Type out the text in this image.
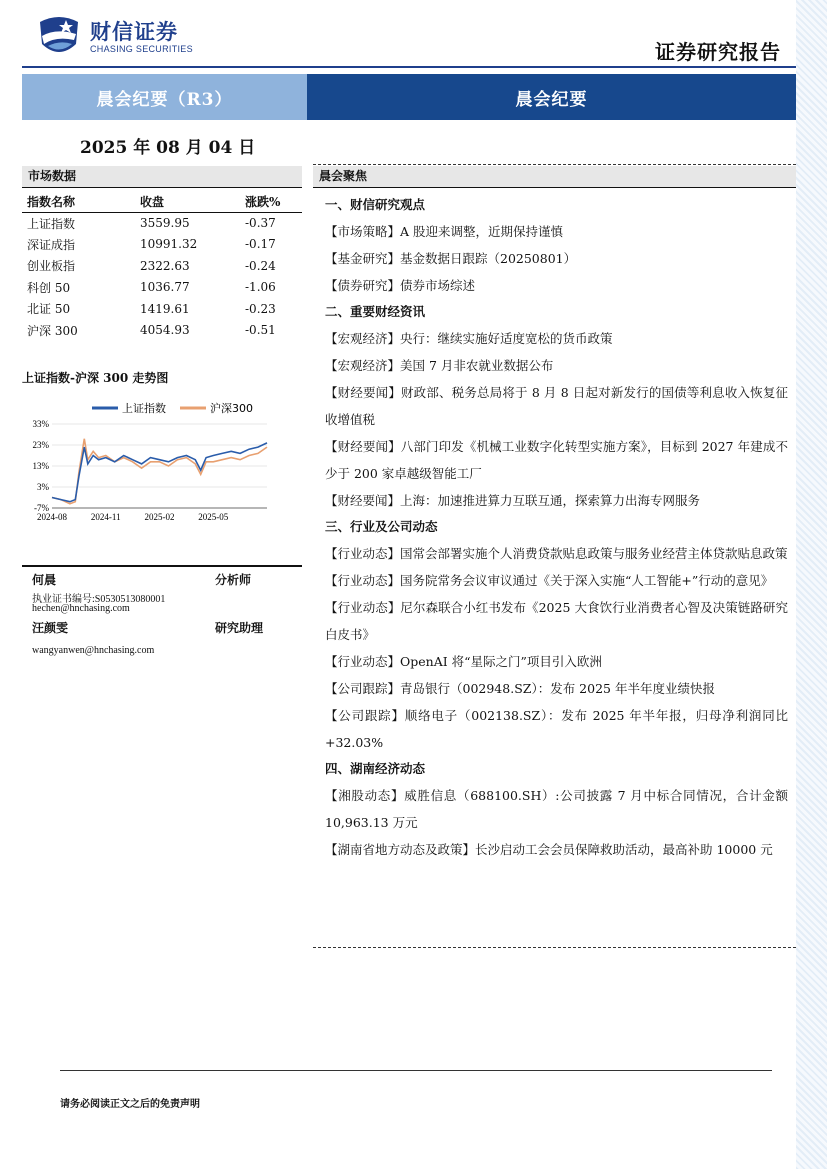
财信证券
CHASING SECURITIES	证券研究报告
晨会纪要（R3）	晨会纪要
2025 年 08 月 04 日
市场数据
指数名称	收盘	涨跌%
上证指数	3559.95	-0.37
深证成指	10991.32	-0.17
创业板指	2322.63	-0.24
科创 50	1036.77	-1.06
北证 50	1419.61	-0.23
沪深 300	4054.93	-0.51
上证指数-沪深 300 走势图
33%
23%
13%
3%
-7%
2024-08	2024-11	2025-02	2025-05
上证指数	沪深300
何晨	分析师
执业证书编号:S0530513080001
hechen@hnchasing.com
汪颜雯	研究助理
wangyanwen@hnchasing.com
晨会聚焦
一、财信研究观点
【市场策略】A 股迎来调整，近期保持谨慎
【基金研究】基金数据日跟踪（20250801）
【债券研究】债券市场综述
二、重要财经资讯
【宏观经济】央行：继续实施好适度宽松的货币政策
【宏观经济】美国 7 月非农就业数据公布
【财经要闻】财政部、税务总局将于 8 月 8 日起对新发行的国债等利息收入恢复征收增值税
【财经要闻】八部门印发《机械工业数字化转型实施方案》，目标到 2027 年建成不少于 200 家卓越级智能工厂
【财经要闻】上海：加速推进算力互联互通，探索算力出海专网服务
三、行业及公司动态
【行业动态】国常会部署实施个人消费贷款贴息政策与服务业经营主体贷款贴息政策
【行业动态】国务院常务会议审议通过《关于深入实施“人工智能+”行动的意见》
【行业动态】尼尔森联合小红书发布《2025 大食饮行业消费者心智及决策链路研究白皮书》
【行业动态】OpenAI 将“星际之门”项目引入欧洲
【公司跟踪】青岛银行（002948.SZ）：发布 2025 年半年度业绩快报
【公司跟踪】顺络电子（002138.SZ）：发布 2025 年半年报，归母净利润同比+32.03%
四、湖南经济动态
【湘股动态】威胜信息（688100.SH）:公司披露 7 月中标合同情况，合计金额 10,963.13 万元
【湖南省地方动态及政策】长沙启动工会会员保障救助活动，最高补助 10000 元
请务必阅读正文之后的免责声明
